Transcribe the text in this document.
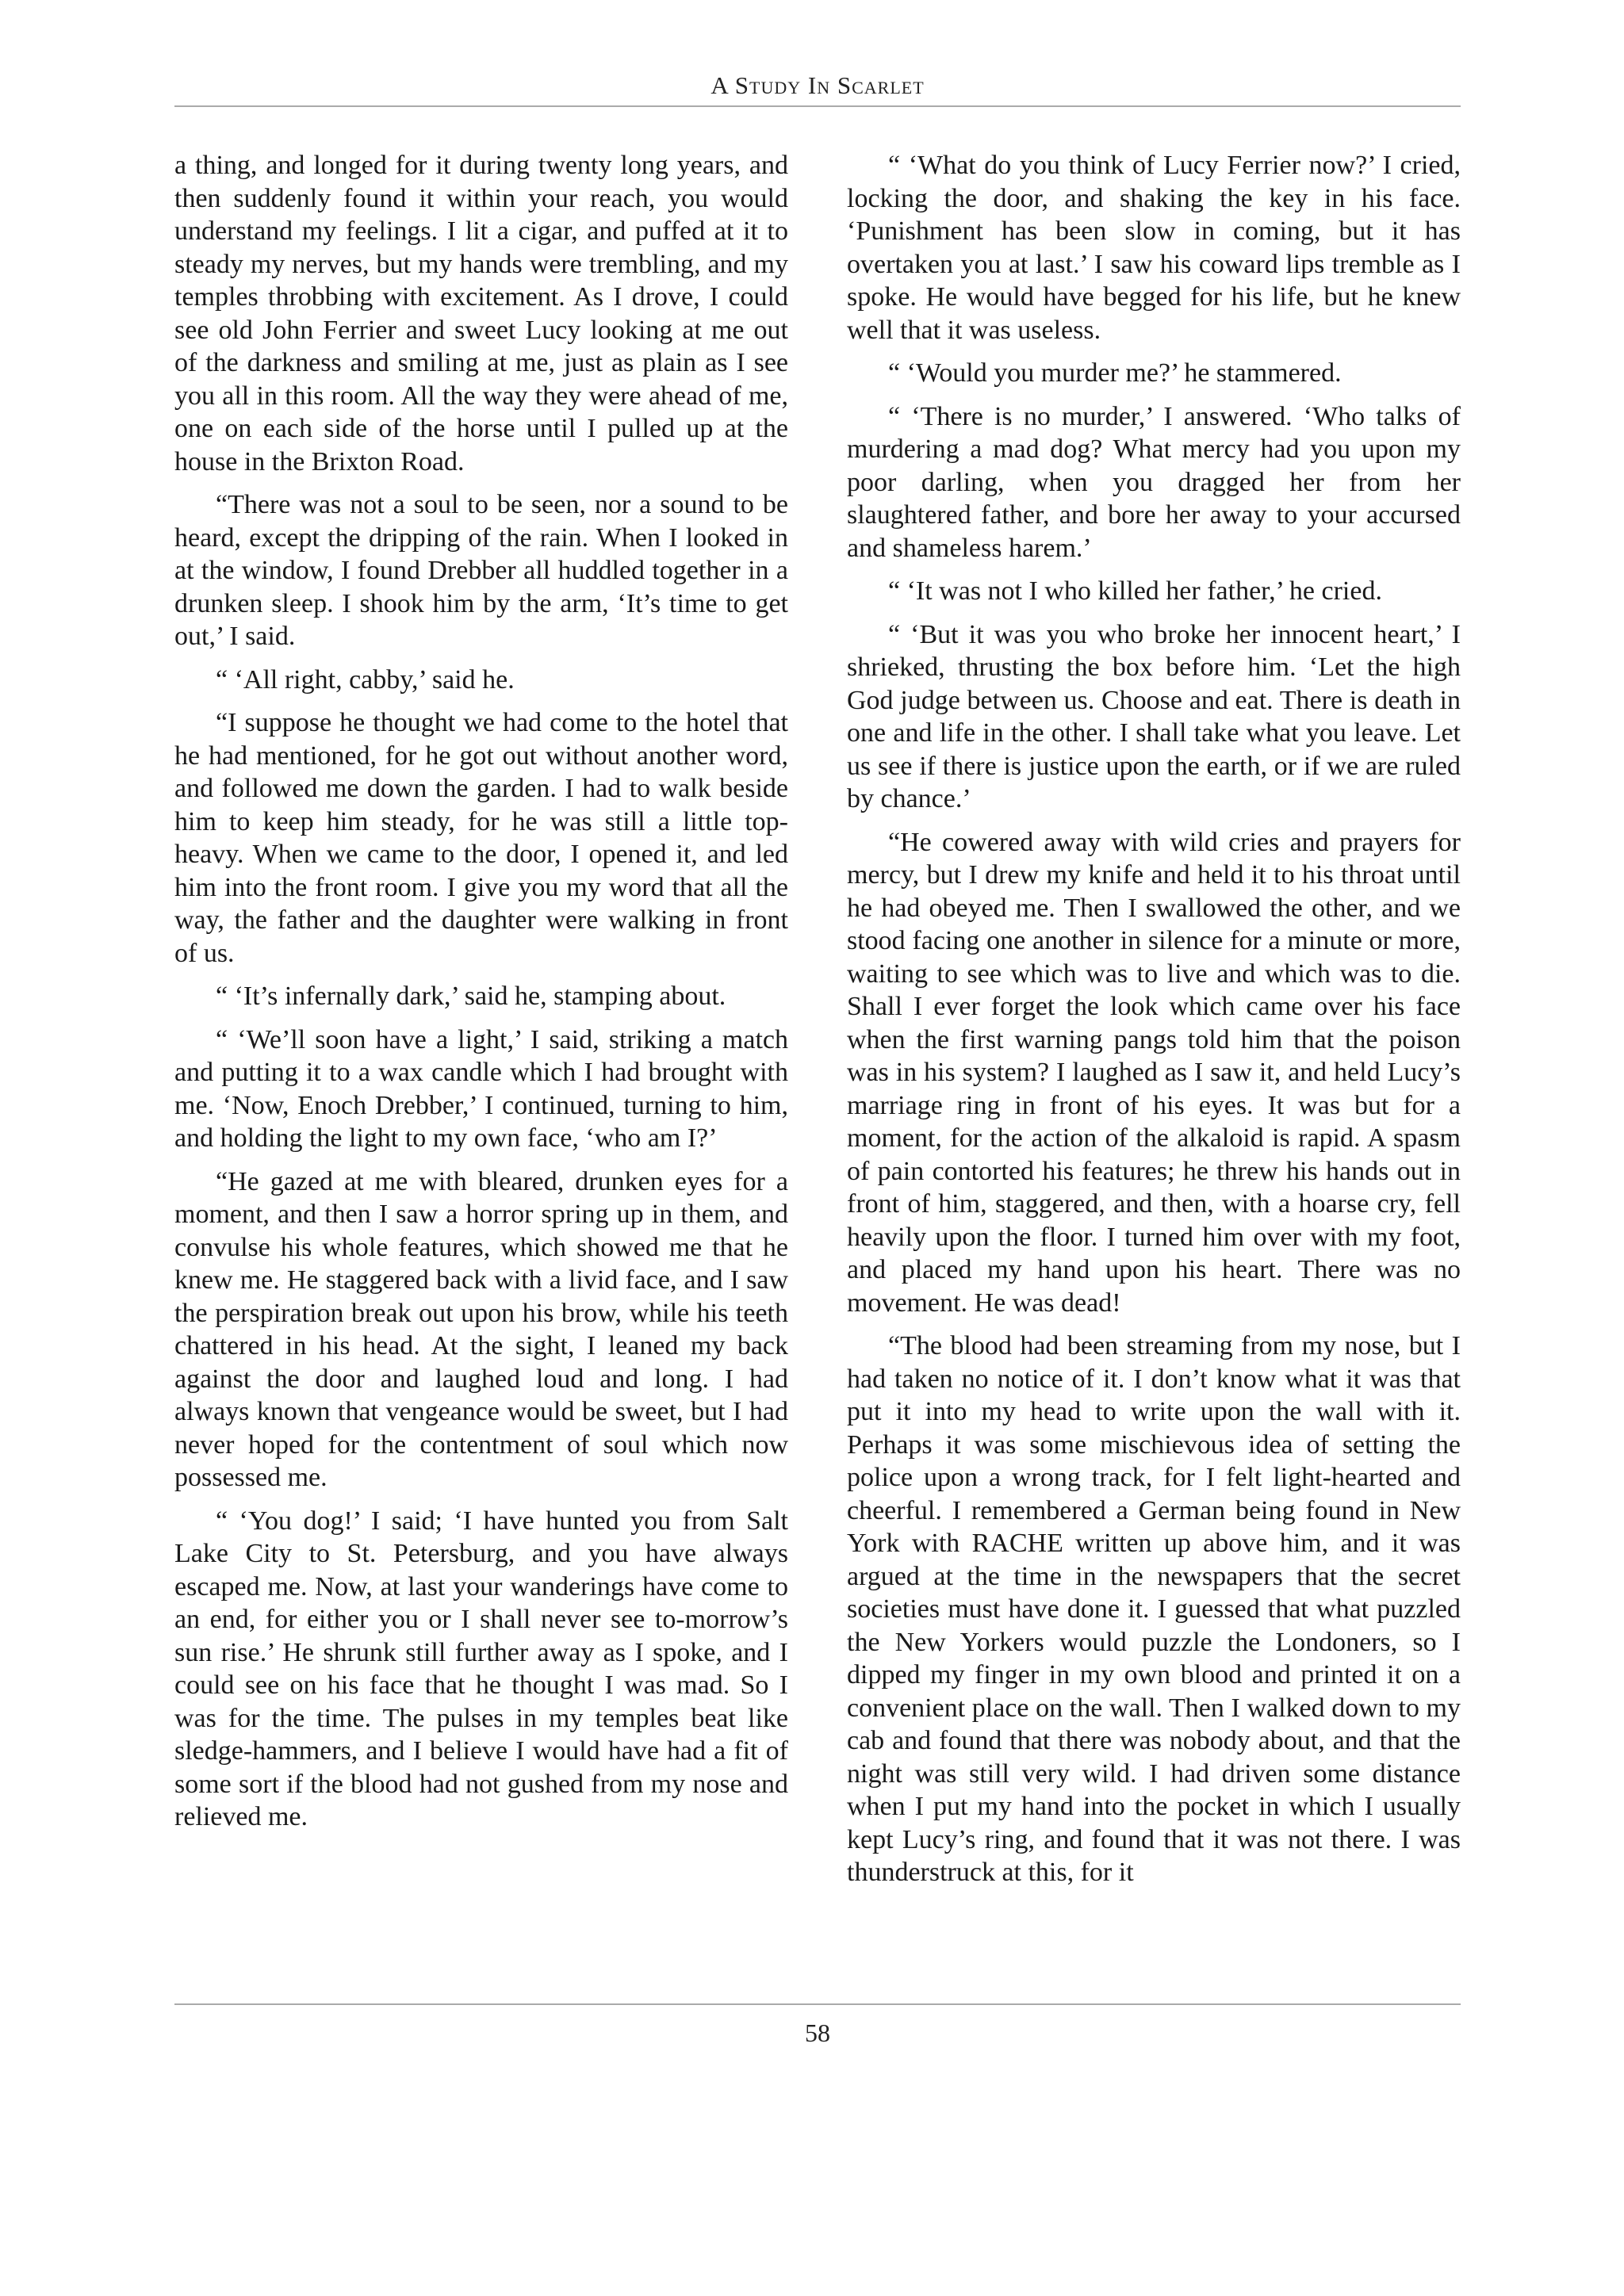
A Study In Scarlet

a thing, and longed for it during twenty long years, and then suddenly found it within your reach, you would understand my feelings. I lit a cigar, and puffed at it to steady my nerves, but my hands were trembling, and my temples throbbing with excitement. As I drove, I could see old John Ferrier and sweet Lucy looking at me out of the darkness and smiling at me, just as plain as I see you all in this room. All the way they were ahead of me, one on each side of the horse until I pulled up at the house in the Brixton Road.

“There was not a soul to be seen, nor a sound to be heard, except the dripping of the rain. When I looked in at the window, I found Drebber all huddled together in a drunken sleep. I shook him by the arm, ‘It’s time to get out,’ I said.

“ ‘All right, cabby,’ said he.

“I suppose he thought we had come to the hotel that he had mentioned, for he got out without another word, and followed me down the garden. I had to walk beside him to keep him steady, for he was still a little top-heavy. When we came to the door, I opened it, and led him into the front room. I give you my word that all the way, the father and the daughter were walking in front of us.

“ ‘It’s infernally dark,’ said he, stamping about.

“ ‘We’ll soon have a light,’ I said, striking a match and putting it to a wax candle which I had brought with me. ‘Now, Enoch Drebber,’ I continued, turning to him, and holding the light to my own face, ‘who am I?’

“He gazed at me with bleared, drunken eyes for a moment, and then I saw a horror spring up in them, and convulse his whole features, which showed me that he knew me. He staggered back with a livid face, and I saw the perspiration break out upon his brow, while his teeth chattered in his head. At the sight, I leaned my back against the door and laughed loud and long. I had always known that vengeance would be sweet, but I had never hoped for the contentment of soul which now possessed me.

“ ‘You dog!’ I said; ‘I have hunted you from Salt Lake City to St. Petersburg, and you have always escaped me. Now, at last your wanderings have come to an end, for either you or I shall never see to-morrow’s sun rise.’ He shrunk still further away as I spoke, and I could see on his face that he thought I was mad. So I was for the time. The pulses in my temples beat like sledge-hammers, and I believe I would have had a fit of some sort if the blood had not gushed from my nose and relieved me.

“ ‘What do you think of Lucy Ferrier now?’ I cried, locking the door, and shaking the key in his face. ‘Punishment has been slow in coming, but it has overtaken you at last.’ I saw his coward lips tremble as I spoke. He would have begged for his life, but he knew well that it was useless.

“ ‘Would you murder me?’ he stammered.

“ ‘There is no murder,’ I answered. ‘Who talks of murdering a mad dog? What mercy had you upon my poor darling, when you dragged her from her slaughtered father, and bore her away to your accursed and shameless harem.’

“ ‘It was not I who killed her father,’ he cried.

“ ‘But it was you who broke her innocent heart,’ I shrieked, thrusting the box before him. ‘Let the high God judge between us. Choose and eat. There is death in one and life in the other. I shall take what you leave. Let us see if there is justice upon the earth, or if we are ruled by chance.’

“He cowered away with wild cries and prayers for mercy, but I drew my knife and held it to his throat until he had obeyed me. Then I swallowed the other, and we stood facing one another in silence for a minute or more, waiting to see which was to live and which was to die. Shall I ever forget the look which came over his face when the first warning pangs told him that the poison was in his system? I laughed as I saw it, and held Lucy’s marriage ring in front of his eyes. It was but for a moment, for the action of the alkaloid is rapid. A spasm of pain contorted his features; he threw his hands out in front of him, staggered, and then, with a hoarse cry, fell heavily upon the floor. I turned him over with my foot, and placed my hand upon his heart. There was no movement. He was dead!

“The blood had been streaming from my nose, but I had taken no notice of it. I don’t know what it was that put it into my head to write upon the wall with it. Perhaps it was some mischievous idea of setting the police upon a wrong track, for I felt light-hearted and cheerful. I remembered a German being found in New York with RACHE written up above him, and it was argued at the time in the newspapers that the secret societies must have done it. I guessed that what puzzled the New Yorkers would puzzle the Londoners, so I dipped my finger in my own blood and printed it on a convenient place on the wall. Then I walked down to my cab and found that there was nobody about, and that the night was still very wild. I had driven some distance when I put my hand into the pocket in which I usually kept Lucy’s ring, and found that it was not there. I was thunderstruck at this, for it

58
